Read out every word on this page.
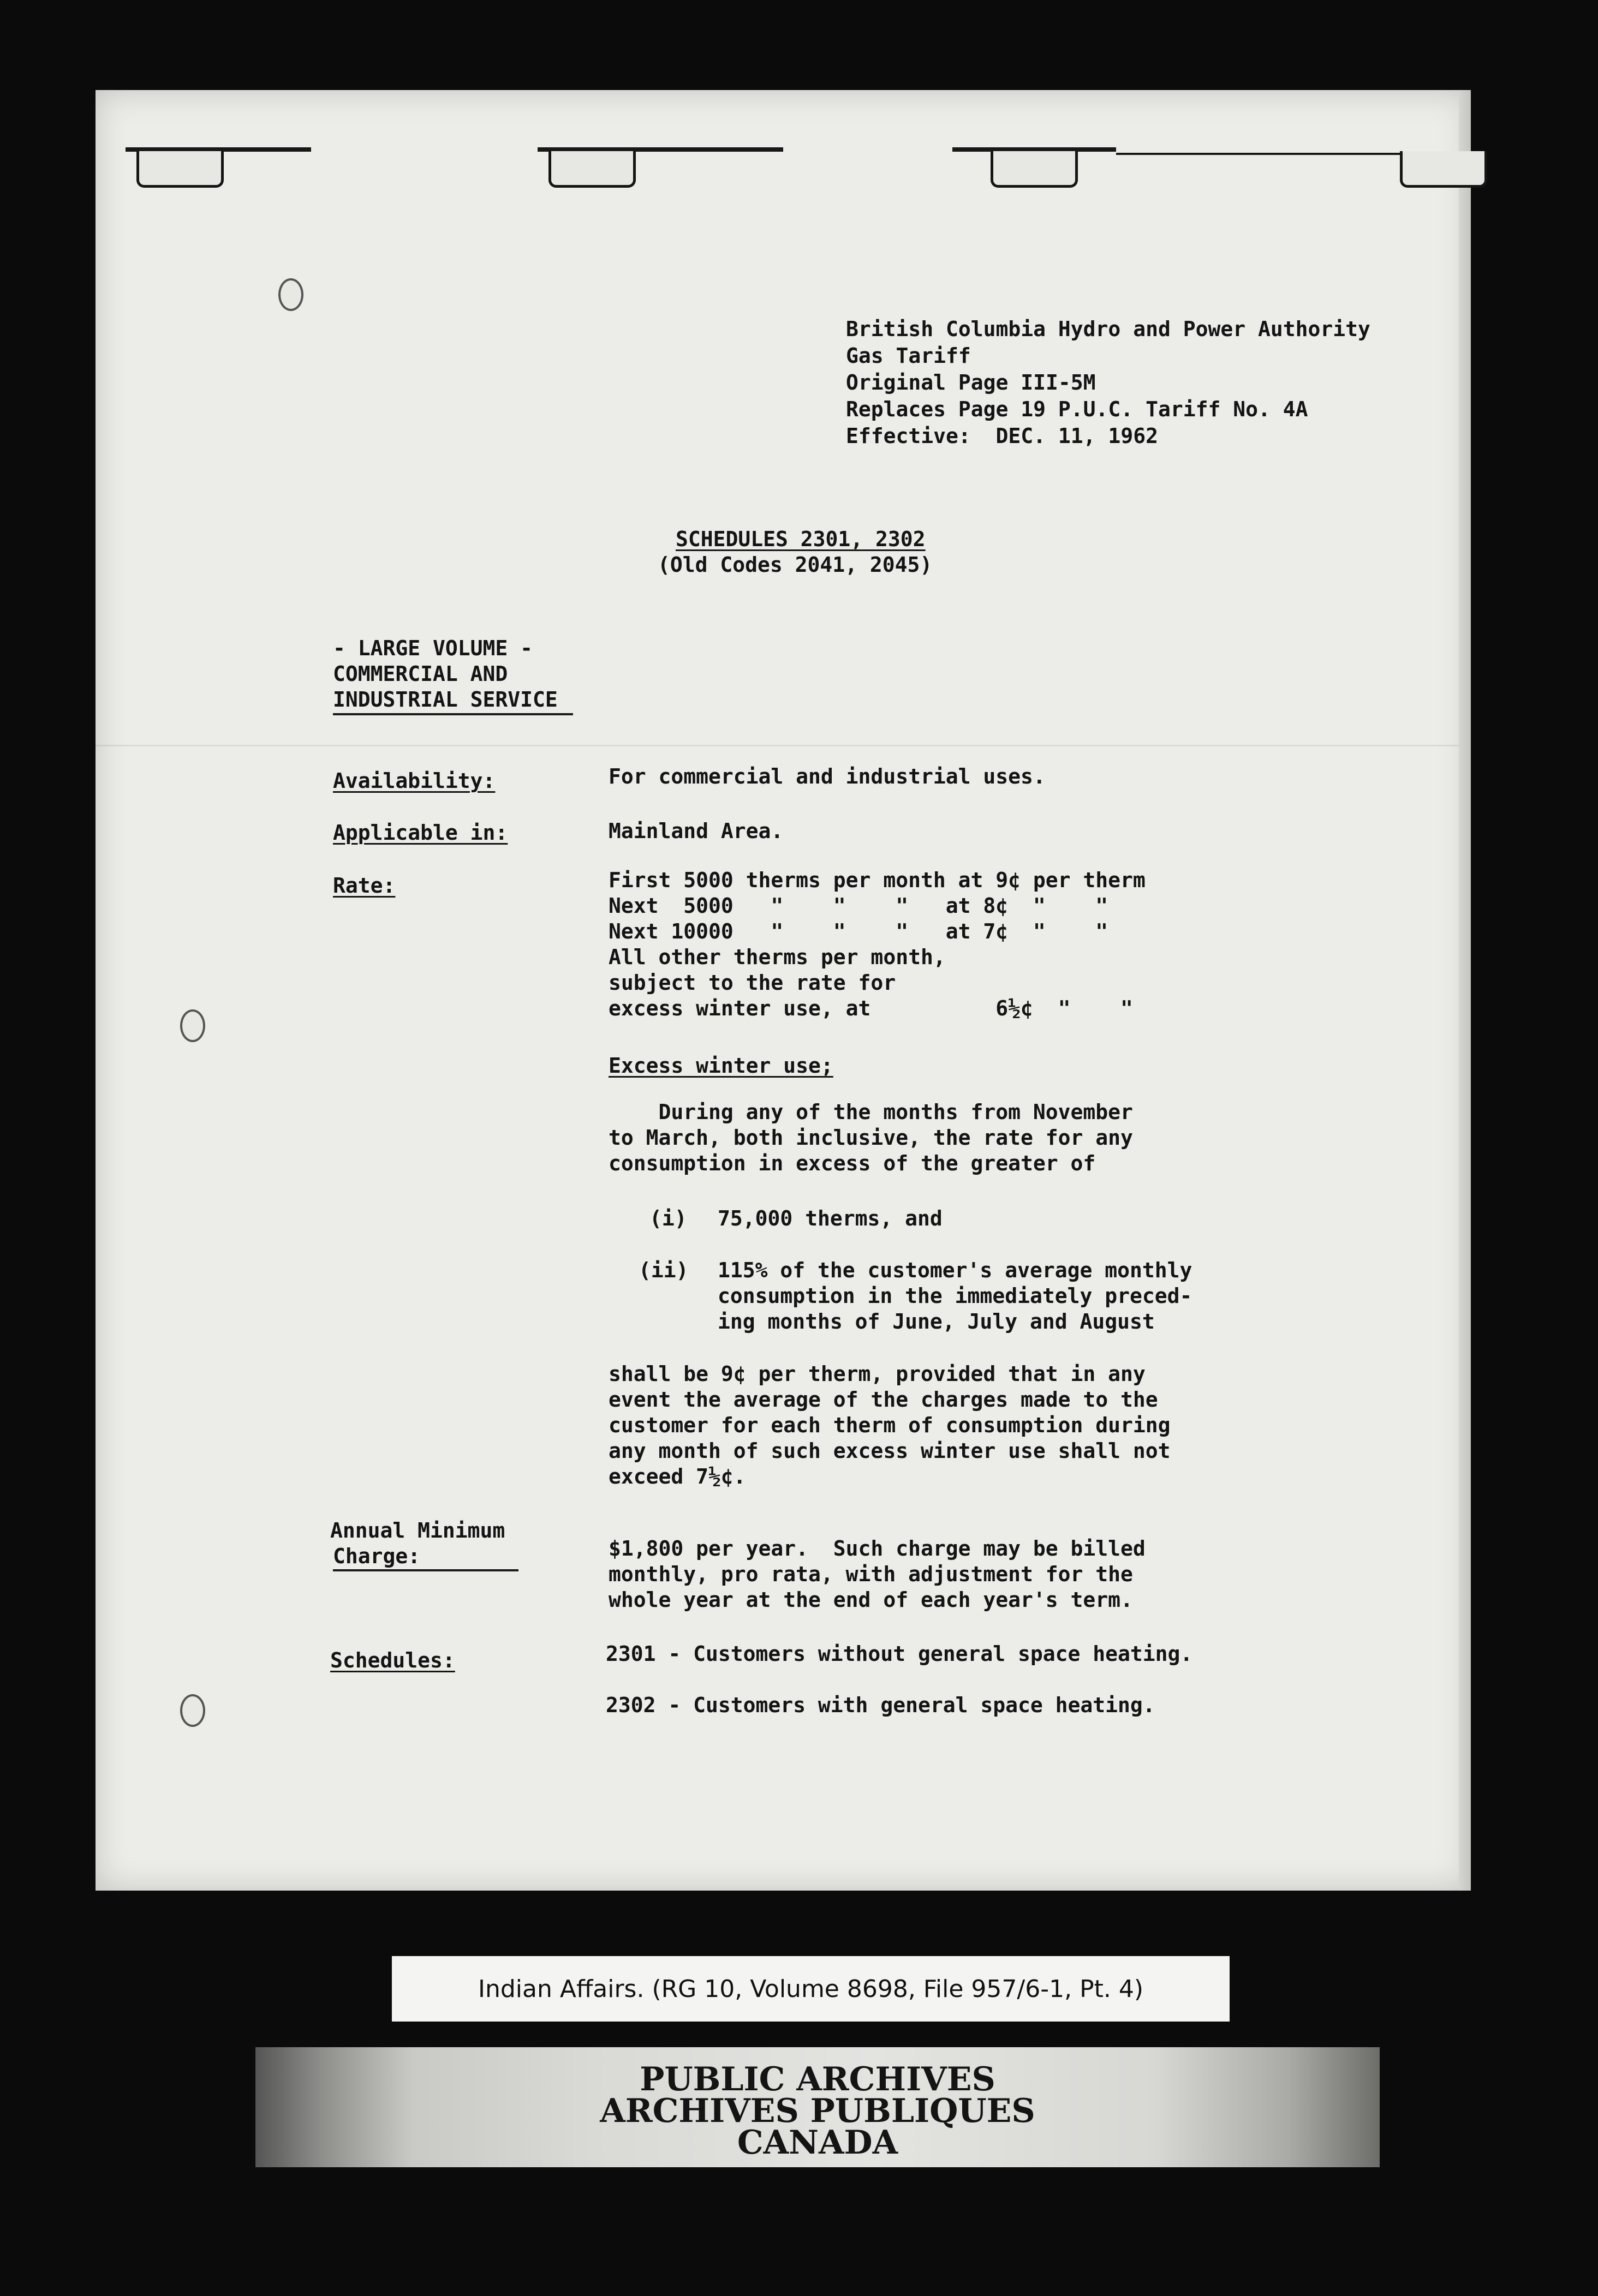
British Columbia Hydro and Power Authority
Gas Tariff
Original Page III-5M
Replaces Page 19 P.U.C. Tariff No. 4A
Effective:  DEC. 11, 1962
SCHEDULES 2301, 2302
(Old Codes 2041, 2045)
- LARGE VOLUME -
COMMERCIAL AND
INDUSTRIAL SERVICE
Availability:	For commercial and industrial uses.
Applicable in:	Mainland Area.
Rate:	First 5000 therms per month at 9¢ per therm
Next  5000   "    "    "   at 8¢  "    "
Next 10000   "    "    "   at 7¢  "    "
All other therms per month,
subject to the rate for
excess winter use, at          6½¢  "    "
Excess winter use;
During any of the months from November
to March, both inclusive, the rate for any
consumption in excess of the greater of
(i) 75,000 therms, and
(ii) 115% of the customer's average monthly
consumption in the immediately preced-
ing months of June, July and August
shall be 9¢ per therm, provided that in any
event the average of the charges made to the
customer for each therm of consumption during
any month of such excess winter use shall not
exceed 7½¢.
Annual Minimum
Charge:	$1,800 per year.  Such charge may be billed
monthly, pro rata, with adjustment for the
whole year at the end of each year's term.
Schedules:	2301 - Customers without general space heating.
2302 - Customers with general space heating.
Indian Affairs. (RG 10, Volume 8698, File 957/6-1, Pt. 4)
PUBLIC ARCHIVES
ARCHIVES PUBLIQUES
CANADA
